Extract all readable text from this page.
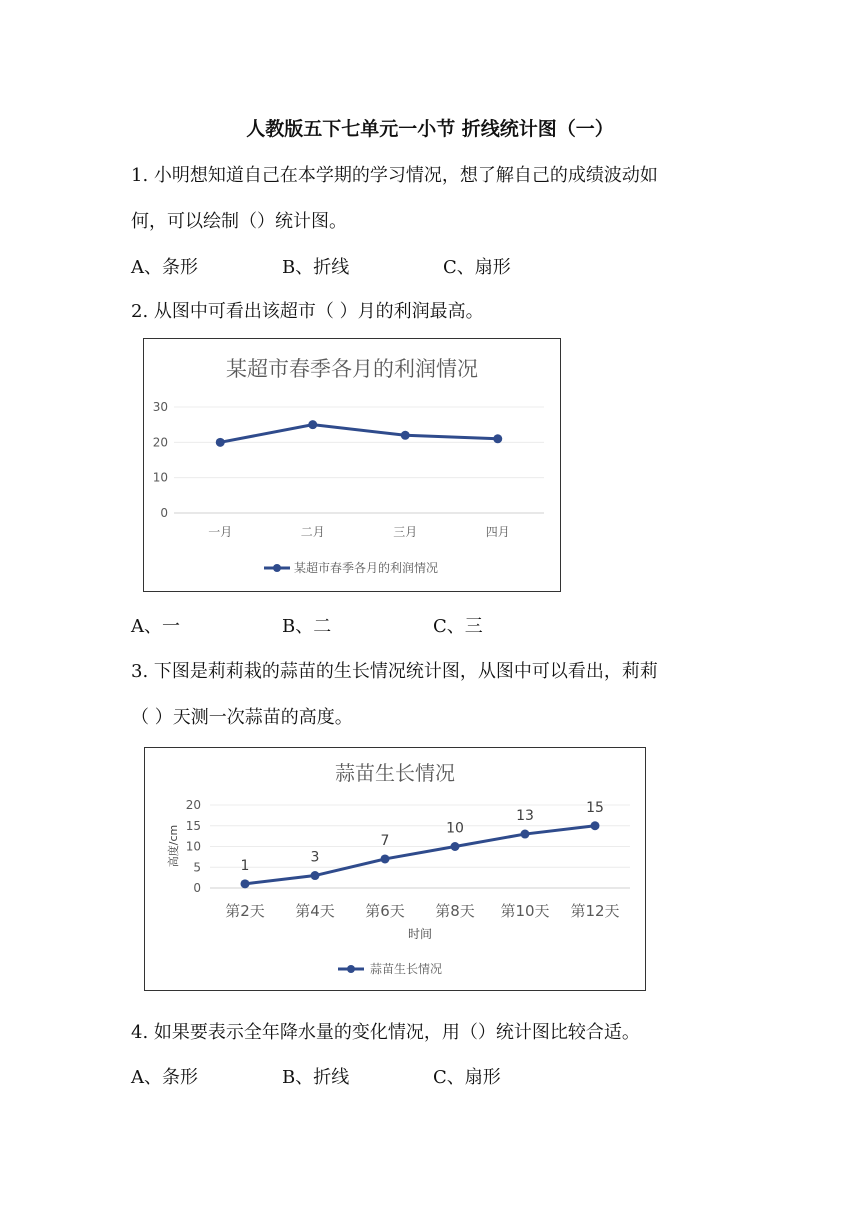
人教版五下七单元一小节 折线统计图（一）
1. 小明想知道自己在本学期的学习情况，想了解自己的成绩波动如
何，可以绘制（）统计图。
A、条形	B、折线	C、扇形
2. 从图中可看出该超市（ ）月的利润最高。
某超市春季各月的利润情况
0
10
20
30
一月	二月	三月	四月
某超市春季各月的利润情况
A、一	B、二	C、三
3. 下图是莉莉栽的蒜苗的生长情况统计图，从图中可以看出，莉莉
（ ）天测一次蒜苗的高度。
蒜苗生长情况
0
5
10
15
20
第2天 第4天 第6天 第8天 第10天 第12天
1
3
7
10
13
15
高度/cm
时间
蒜苗生长情况
4. 如果要表示全年降水量的变化情况，用（）统计图比较合适。
A、条形	B、折线	C、扇形
